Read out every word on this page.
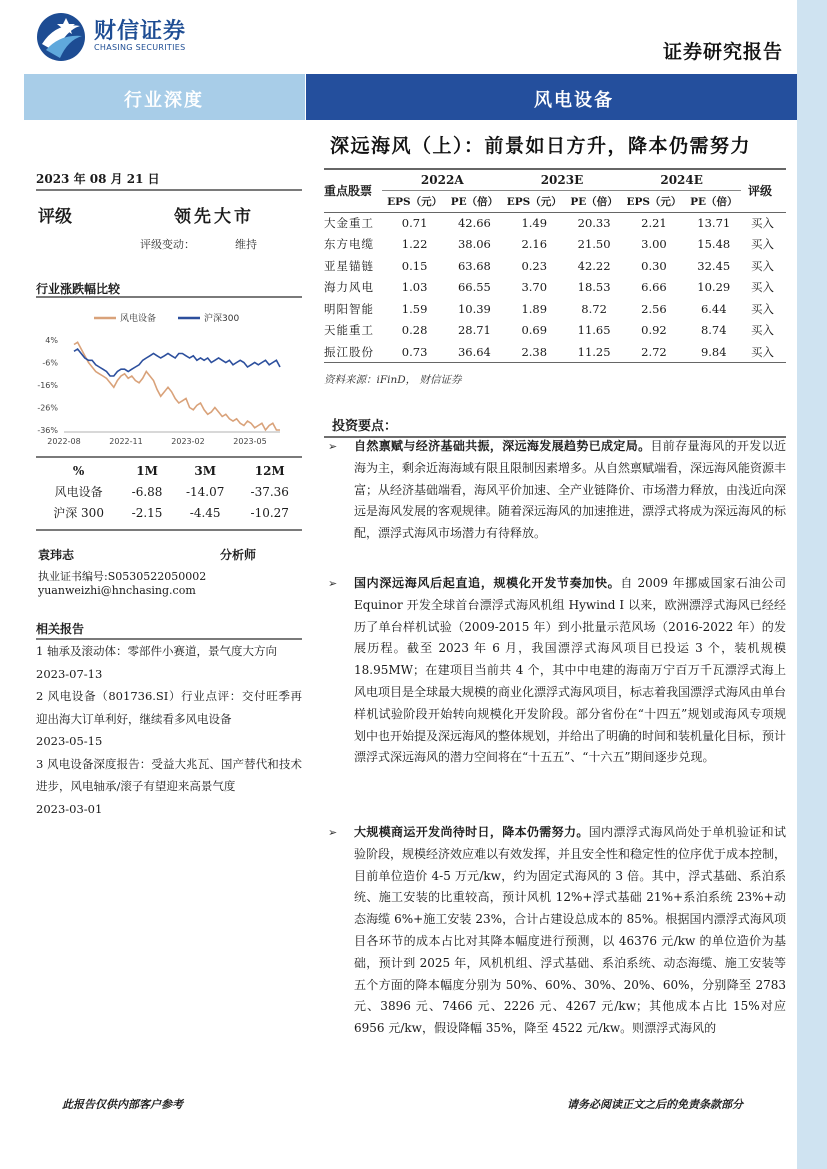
财信证券
CHASING SECURITIES	证券研究报告
行业深度	风电设备
深远海风（上）：前景如日方升，降本仍需努力
2023 年 08 月 21 日
评级	领先大市
评级变动：	维持
行业涨跌幅比较
风电设备	沪深300
4%
-6%
-16%
-26%
-36%
2022-08	2022-11	2023-02	2023-05
%	1M	3M	12M
风电设备	-6.88	-14.07	-37.36
沪深 300	-2.15	-4.45	-10.27
袁玮志	分析师
执业证书编号:S0530522050002
yuanweizhi@hnchasing.com
相关报告

1 轴承及滚动体：零部件小赛道，景气度大方向

2023-07-13

2 风电设备（801736.SI）行业点评：交付旺季再迎出海大订单利好，继续看多风电设备

2023-05-15

3 风电设备深度报告：受益大兆瓦、国产替代和技术进步，风电轴承/滚子有望迎来高景气度

2023-03-01

重点股票	2022A		2023E		2024E		评级
	EPS（元）	PE（倍）	EPS（元）	PE（倍）	EPS（元）	PE（倍）	
大金重工	0.71	42.66	1.49	20.33	2.21	13.71	买入
东方电缆	1.22	38.06	2.16	21.50	3.00	15.48	买入
亚星锚链	0.15	63.68	0.23	42.22	0.30	32.45	买入
海力风电	1.03	66.55	3.70	18.53	6.66	10.29	买入
明阳智能	1.59	10.39	1.89	8.72	2.56	6.44	买入
天能重工	0.28	28.71	0.69	11.65	0.92	8.74	买入
振江股份	0.73	36.64	2.38	11.25	2.72	9.84	买入
资料来源：iFinD， 财信证券
投资要点：
➢ 自然禀赋与经济基础共振，深远海发展趋势已成定局。目前存量海风的开发以近海为主，剩余近海海域有限且限制因素增多。从自然禀赋端看，深远海风能资源丰富；从经济基础端看，海风平价加速、全产业链降价、市场潜力释放，由浅近向深远是海风发展的客观规律。随着深远海风的加速推进，漂浮式将成为深远海风的标配，漂浮式海风市场潜力有待释放。
➢ 国内深远海风后起直追，规模化开发节奏加快。自 2009 年挪威国家石油公司 Equinor 开发全球首台漂浮式海风机组 Hywind I 以来，欧洲漂浮式海风已经经历了单台样机试验（2009-2015 年）到小批量示范风场（2016-2022 年）的发展历程。截至 2023 年 6 月，我国漂浮式海风项目已投运 3 个，装机规模 18.95MW；在建项目当前共 4 个，其中中电建的海南万宁百万千瓦漂浮式海上风电项目是全球最大规模的商业化漂浮式海风项目，标志着我国漂浮式海风由单台样机试验阶段开始转向规模化开发阶段。部分省份在“十四五”规划或海风专项规划中也开始提及深远海风的整体规划，并给出了明确的时间和装机量化目标，预计漂浮式深远海风的潜力空间将在“十五五”、“十六五”期间逐步兑现。
➢ 大规模商运开发尚待时日，降本仍需努力。国内漂浮式海风尚处于单机验证和试验阶段，规模经济效应难以有效发挥，并且安全性和稳定性的位序优于成本控制，目前单位造价 4-5 万元/kw，约为固定式海风的 3 倍。其中，浮式基础、系泊系统、施工安装的比重较高，预计风机 12%+浮式基础 21%+系泊系统 23%+动态海缆 6%+施工安装 23%，合计占建设总成本的 85%。根据国内漂浮式海风项目各环节的成本占比对其降本幅度进行预测，以 46376 元/kw 的单位造价为基础，预计到 2025 年，风机机组、浮式基础、系泊系统、动态海缆、施工安装等五个方面的降本幅度分别为 50%、60%、30%、20%、60%，分别降至 2783 元、3896 元、7466 元、2226 元、4267 元/kw；其他成本占比 15%对应 6956 元/kw，假设降幅 35%，降至 4522 元/kw。则漂浮式海风的
此报告仅供内部客户参考	请务必阅读正文之后的免责条款部分
